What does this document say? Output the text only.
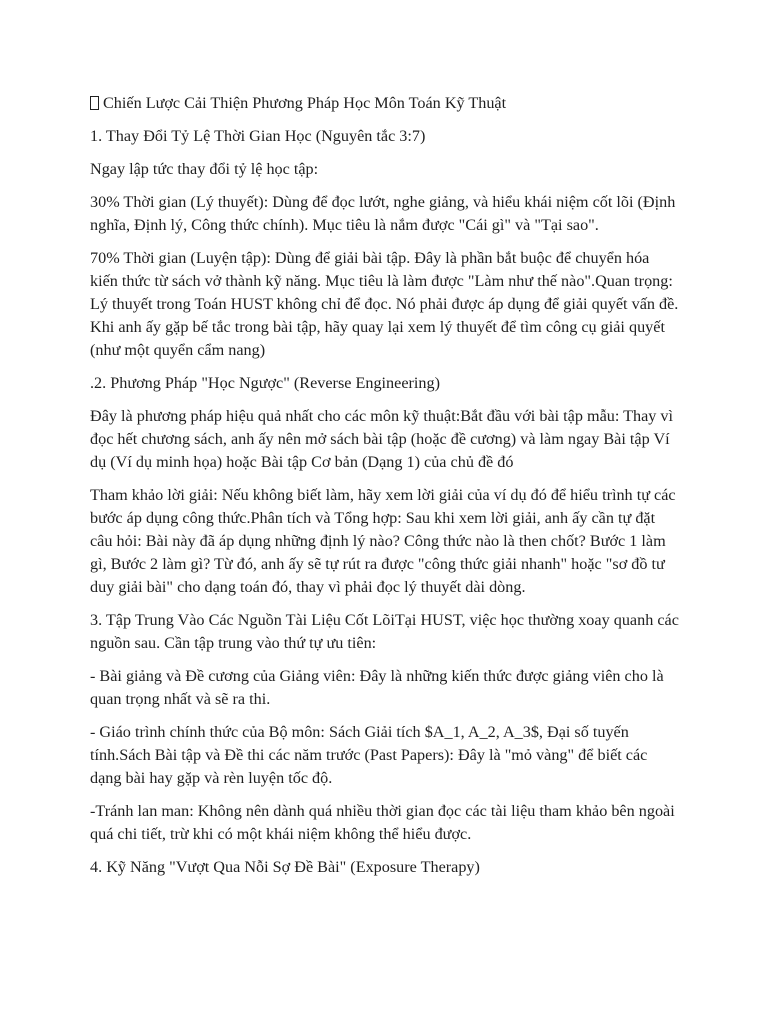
Chiến Lược Cải Thiện Phương Pháp Học Môn Toán Kỹ Thuật

1. Thay Đổi Tỷ Lệ Thời Gian Học (Nguyên tắc 3:7)

Ngay lập tức thay đổi tỷ lệ học tập:

30% Thời gian (Lý thuyết): Dùng để đọc lướt, nghe giảng, và hiểu khái niệm cốt lõi (Định nghĩa, Định lý, Công thức chính). Mục tiêu là nắm được "Cái gì" và "Tại sao".

70% Thời gian (Luyện tập): Dùng để giải bài tập. Đây là phần bắt buộc để chuyển hóa kiến thức từ sách vở thành kỹ năng. Mục tiêu là làm được "Làm như thế nào".Quan trọng: Lý thuyết trong Toán HUST không chỉ để đọc. Nó phải được áp dụng để giải quyết vấn đề. Khi anh ấy gặp bế tắc trong bài tập, hãy quay lại xem lý thuyết để tìm công cụ giải quyết (như một quyển cẩm nang)

.2. Phương Pháp "Học Ngược" (Reverse Engineering)

Đây là phương pháp hiệu quả nhất cho các môn kỹ thuật:Bắt đầu với bài tập mẫu: Thay vì đọc hết chương sách, anh ấy nên mở sách bài tập (hoặc đề cương) và làm ngay Bài tập Ví dụ (Ví dụ minh họa) hoặc Bài tập Cơ bản (Dạng 1) của chủ đề đó

Tham khảo lời giải: Nếu không biết làm, hãy xem lời giải của ví dụ đó để hiểu trình tự các bước áp dụng công thức.Phân tích và Tổng hợp: Sau khi xem lời giải, anh ấy cần tự đặt câu hỏi: Bài này đã áp dụng những định lý nào? Công thức nào là then chốt? Bước 1 làm gì, Bước 2 làm gì? Từ đó, anh ấy sẽ tự rút ra được "công thức giải nhanh" hoặc "sơ đồ tư duy giải bài" cho dạng toán đó, thay vì phải đọc lý thuyết dài dòng.

3. Tập Trung Vào Các Nguồn Tài Liệu Cốt LõiTại HUST, việc học thường xoay quanh các nguồn sau. Cần tập trung vào thứ tự ưu tiên:

- Bài giảng và Đề cương của Giảng viên: Đây là những kiến thức được giảng viên cho là quan trọng nhất và sẽ ra thi.

- Giáo trình chính thức của Bộ môn: Sách Giải tích $A_1, A_2, A_3$, Đại số tuyến tính.Sách Bài tập và Đề thi các năm trước (Past Papers): Đây là "mỏ vàng" để biết các dạng bài hay gặp và rèn luyện tốc độ.

-Tránh lan man: Không nên dành quá nhiều thời gian đọc các tài liệu tham khảo bên ngoài quá chi tiết, trừ khi có một khái niệm không thể hiểu được.

4. Kỹ Năng "Vượt Qua Nỗi Sợ Đề Bài" (Exposure Therapy)
